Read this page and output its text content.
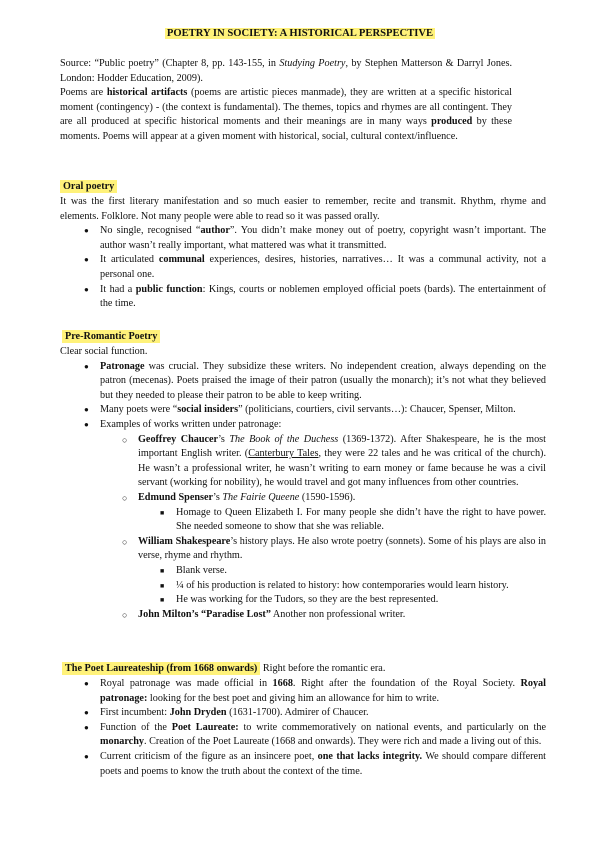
POETRY IN SOCIETY: A HISTORICAL PERSPECTIVE
Source: “Public poetry” (Chapter 8, pp. 143-155, in Studying Poetry, by Stephen Matterson & Darryl Jones. London: Hodder Education, 2009).
Poems are historical artifacts (poems are artistic pieces manmade), they are written at a specific historical moment (contingency) - (the context is fundamental). The themes, topics and rhymes are all contingent. They are all produced at specific historical moments and their meanings are in many ways produced by these moments. Poems will appear at a given moment with historical, social, cultural context/influence.
Oral poetry
It was the first literary manifestation and so much easier to remember, recite and transmit. Rhythm, rhyme and elements. Folklore. Not many people were able to read so it was passed orally.
● No single, recognised “author”. You didn’t make money out of poetry, copyright wasn’t important. The author wasn’t really important, what mattered was what it transmitted.
● It articulated communal experiences, desires, histories, narratives… It was a communal activity, not a personal one.
● It had a public function: Kings, courts or noblemen employed official poets (bards). The entertainment of the time.
Pre-Romantic Poetry
Clear social function.
● Patronage was crucial. They subsidize these writers. No independent creation, always depending on the patron (mecenas). Poets praised the image of their patron (usually the monarch); it’s not what they believed but they needed to please their patron to be able to keep writing.
● Many poets were “social insiders” (politicians, courtiers, civil servants…): Chaucer, Spenser, Milton.
● Examples of works written under patronage:
○ Geoffrey Chaucer’s The Book of the Duchess (1369-1372). After Shakespeare, he is the most important English writer. (Canterbury Tales, they were 22 tales and he was critical of the church). He wasn’t a professional writer, he wasn’t writing to earn money or fame because he was a civil servant (working for nobility), he would travel and got many influences from other countries.
○ Edmund Spenser’s The Fairie Queene (1590-1596).
■ Homage to Queen Elizabeth I. For many people she didn’t have the right to have power. She needed someone to show that she was reliable.
○ William Shakespeare’s history plays. He also wrote poetry (sonnets). Some of his plays are also in verse, rhyme and rhythm.
■ Blank verse.
■ ¼ of his production is related to history: how contemporaries would learn history.
■ He was working for the Tudors, so they are the best represented.
○ John Milton’s “Paradise Lost” Another non professional writer.
The Poet Laureateship (from 1668 onwards) Right before the romantic era.
● Royal patronage was made official in 1668. Right after the foundation of the Royal Society. Royal patronage: looking for the best poet and giving him an allowance for him to write.
● First incumbent: John Dryden (1631-1700). Admirer of Chaucer.
● Function of the Poet Laureate: to write commemoratively on national events, and particularly on the monarchy. Creation of the Poet Laureate (1668 and onwards). They were rich and made a living out of this.
● Current criticism of the figure as an insincere poet, one that lacks integrity. We should compare different poets and poems to know the truth about the context of the time.
